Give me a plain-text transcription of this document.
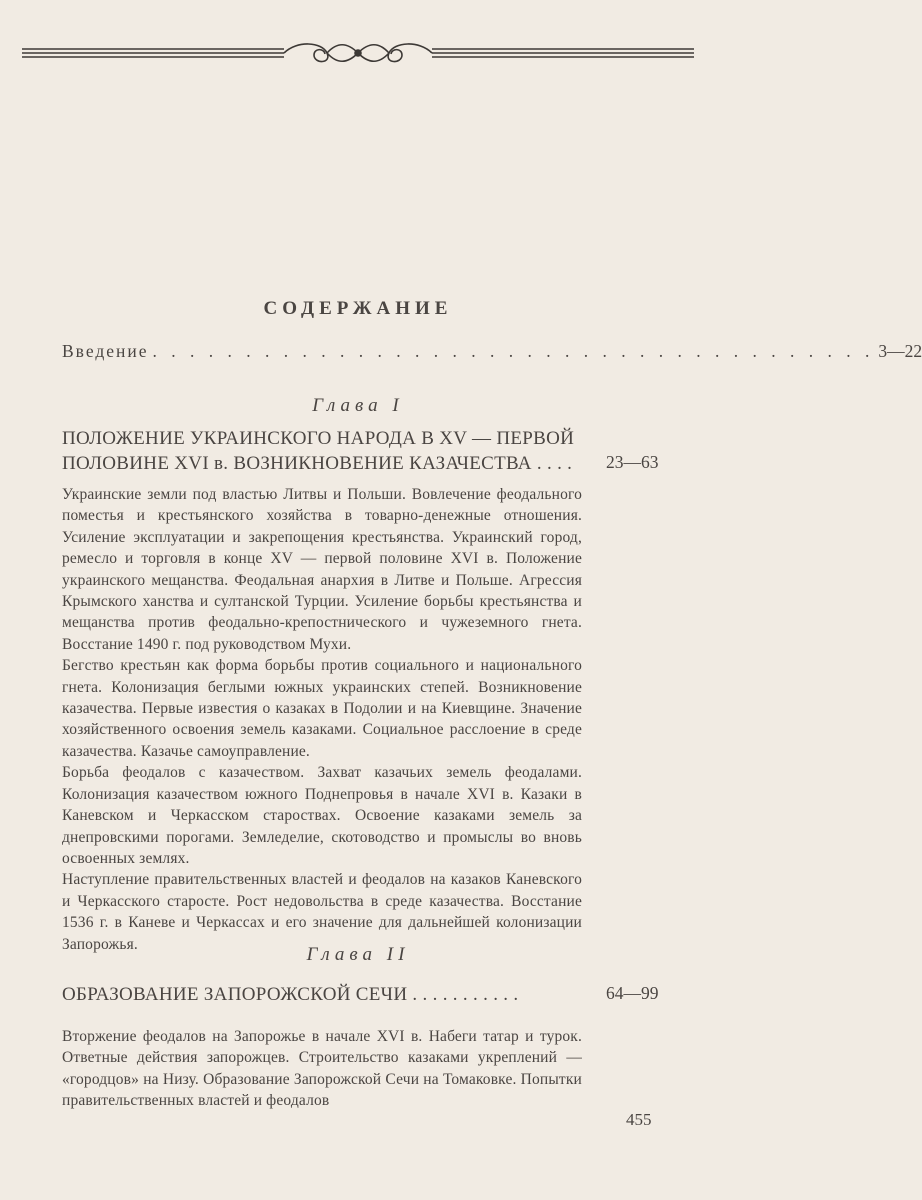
СОДЕРЖАНИЕ
Введение . . . . . . . . . . . . . . . . . . . . . . . . . . . . . . . . . . . . . . . 3—22
Глава I
ПОЛОЖЕНИЕ УКРАИНСКОГО НАРОДА В XV — ПЕРВОЙ ПОЛОВИНЕ XVI в. ВОЗНИКНОВЕНИЕ КАЗАЧЕСТВА . . . . 23—63

Украинские земли под властью Литвы и Польши. Вовлечение феодального поместья и крестьянского хозяйства в товарно-денежные отношения. Усиление эксплуатации и закрепощения крестьянства. Украинский город, ремесло и торговля в конце XV — первой половине XVI в. Положение украинского мещанства. Феодальная анархия в Литве и Польше. Агрессия Крымского ханства и султанской Турции. Усиление борьбы крестьянства и мещанства против феодально-крепостнического и чужеземного гнета. Восстание 1490 г. под руководством Мухи.

Бегство крестьян как форма борьбы против социального и национального гнета. Колонизация беглыми южных украинских степей. Возникновение казачества. Первые известия о казаках в Подолии и на Киевщине. Значение хозяйственного освоения земель казаками. Социальное расслоение в среде казачества. Казачье самоуправление.

Борьба феодалов с казачеством. Захват казачьих земель феодалами. Колонизация казачеством южного Поднепровья в начале XVI в. Казаки в Каневском и Черкасском староствах. Освоение казаками земель за днепровскими порогами. Земледелие, скотоводство и промыслы во вновь освоенных землях.

Наступление правительственных властей и феодалов на казаков Каневского и Черкасского старосте. Рост недовольства в среде казачества. Восстание 1536 г. в Каневе и Черкассах и его значение для дальнейшей колонизации Запорожья.	Глава II
ОБРАЗОВАНИЕ ЗАПОРОЖСКОЙ СЕЧИ . . . . . . . . . . .	64—99

Вторжение феодалов на Запорожье в начале XVI в. Набеги татар и турок. Ответные действия запорожцев. Строительство казаками укреплений — «городцов» на Низу. Образование Запорожской Сечи на Томаковке. Попытки правительственных властей и феодалов

455
